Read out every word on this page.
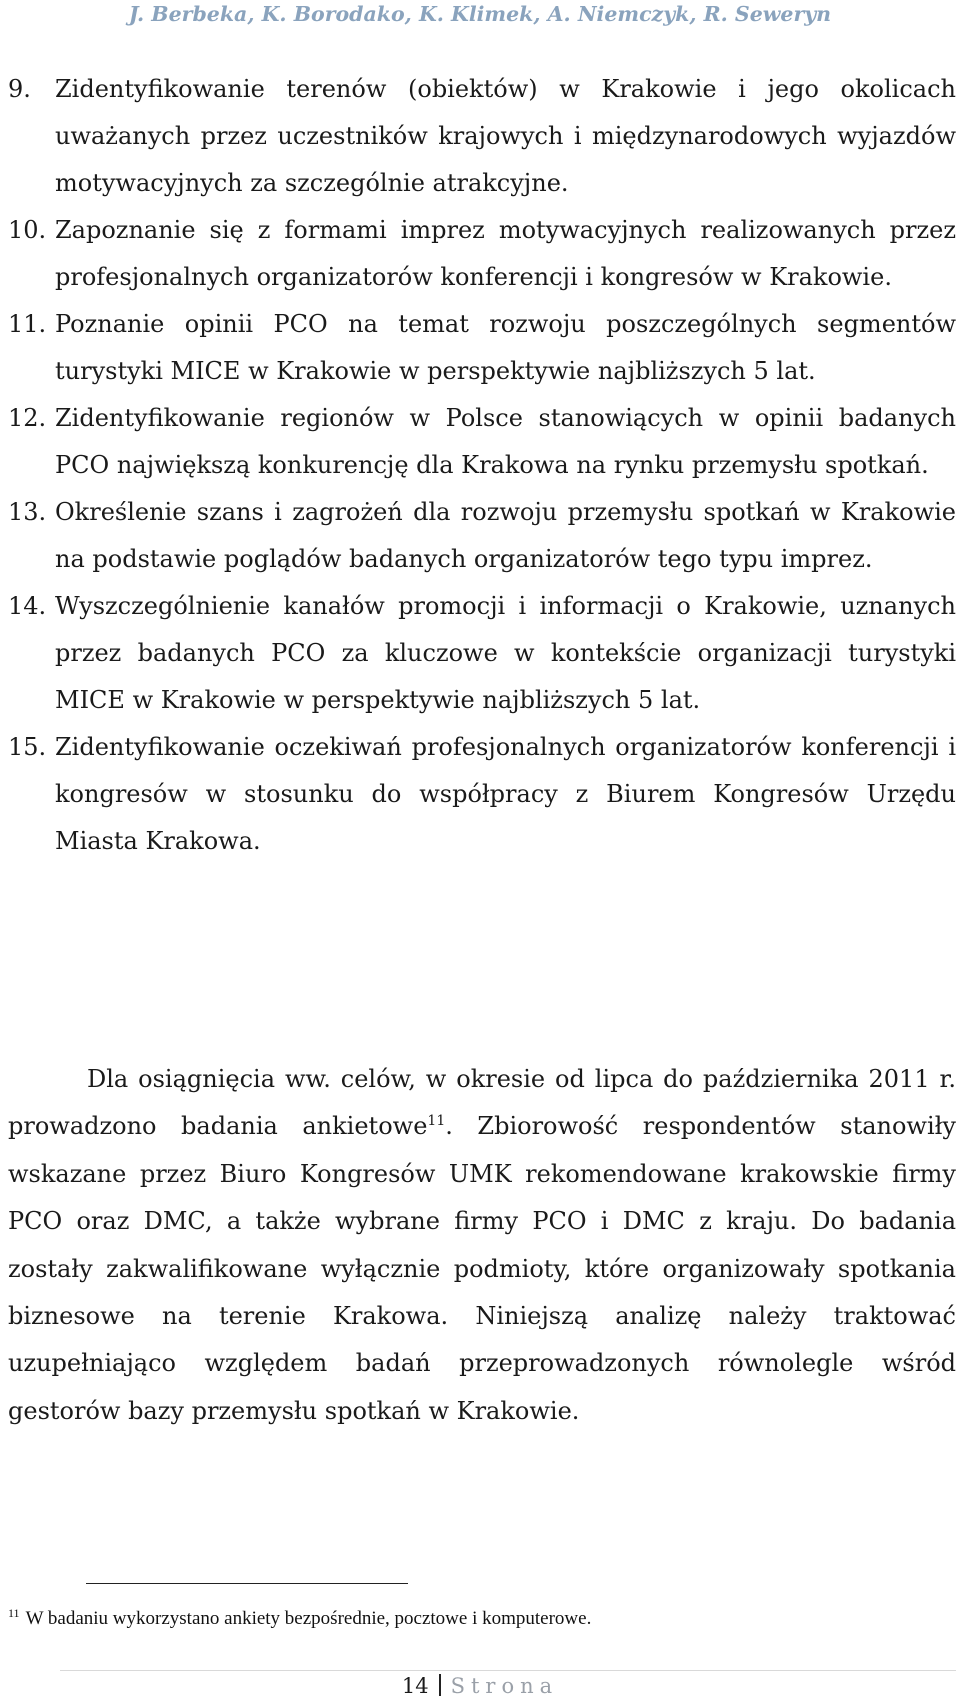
J. Berbeka, K. Borodako, K. Klimek, A. Niemczyk, R. Seweryn
9. Zidentyfikowanie terenów (obiektów) w Krakowie i jego okolicach uważanych przez uczestników krajowych i międzynarodowych wyjazdów motywacyjnych za szczególnie atrakcyjne.
10. Zapoznanie się z formami imprez motywacyjnych realizowanych przez profesjonalnych organizatorów konferencji i kongresów w Krakowie.
11. Poznanie opinii PCO na temat rozwoju poszczególnych segmentów turystyki MICE w Krakowie w perspektywie najbliższych 5 lat.
12. Zidentyfikowanie regionów w Polsce stanowiących w opinii badanych PCO największą konkurencję dla Krakowa na rynku przemysłu spotkań.
13. Określenie szans i zagrożeń dla rozwoju przemysłu spotkań w Krakowie na podstawie poglądów badanych organizatorów tego typu imprez.
14. Wyszczególnienie kanałów promocji i informacji o Krakowie, uznanych przez badanych PCO za kluczowe w kontekście organizacji turystyki MICE w Krakowie w perspektywie najbliższych 5 lat.
15. Zidentyfikowanie oczekiwań profesjonalnych organizatorów konferencji i kongresów w stosunku do współpracy z Biurem Kongresów Urzędu Miasta Krakowa.

Dla osiągnięcia ww. celów, w okresie od lipca do października 2011 r. prowadzono badania ankietowe$^{11}$. Zbiorowość respondentów stanowiły wskazane przez Biuro Kongresów UMK rekomendowane krakowskie firmy PCO oraz DMC, a także wybrane firmy PCO i DMC z kraju. Do badania zostały zakwalifikowane wyłącznie podmioty, które organizowały spotkania biznesowe na terenie Krakowa. Niniejszą analizę należy traktować uzupełniająco względem badań przeprowadzonych równolegle wśród gestorów bazy przemysłu spotkań w Krakowie.

$^{11}$ W badaniu wykorzystano ankiety bezpośrednie, pocztowe i komputerowe.
14 Strona
